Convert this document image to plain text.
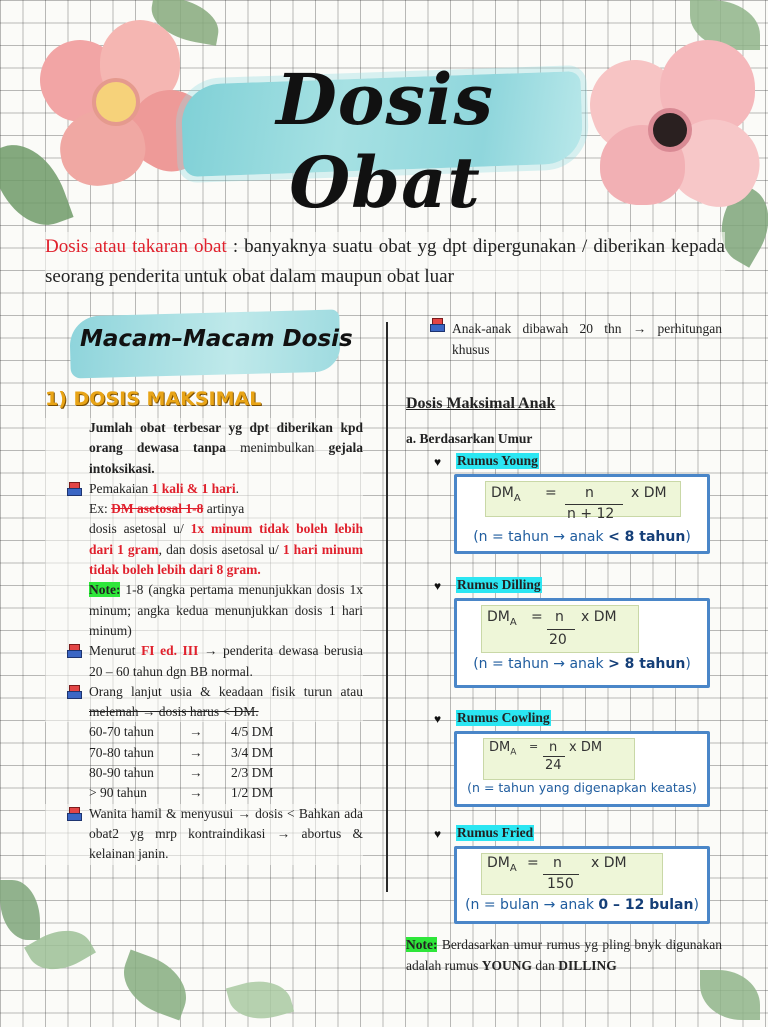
Dosis Obat
Dosis atau takaran obat : banyaknya suatu obat yg dpt dipergunakan / diberikan kepada seorang penderita untuk obat dalam maupun obat luar
Macam–Macam Dosis
1) DOSIS MAKSIMAL

Jumlah obat terbesar yg dpt diberikan kpd orang dewasa tanpa menimbulkan gejala intoksikasi.

Pemakaian 1 kali & 1 hari.

Ex: DM asetosal 1-8 artinya

dosis asetosal u/ 1x minum tidak boleh lebih dari 1 gram, dan dosis asetosal u/ 1 hari minum tidak boleh lebih dari 8 gram.

Note: 1-8 (angka pertama menunjukkan dosis 1x minum; angka kedua menunjukkan dosis 1 hari minum)

Menurut FI ed. III → penderita dewasa berusia 20 – 60 tahun dgn BB normal.

Orang lanjut usia & keadaan fisik turun atau melemah → dosis harus < DM.

60-70 tahun	→	4/5 DM
70-80 tahun	→	3/4 DM
80-90 tahun	→	2/3 DM
> 90 tahun	→	1/2 DM

Wanita hamil & menyusui → dosis < Bahkan ada obat2 yg mrp kontraindikasi → abortus & kelainan janin.

Anak-anak dibawah 20 thn → perhitungan khusus
Dosis Maksimal Anak
a. Berdasarkan Umur
♥ Rumus Young
$DM_A = n$
n + 12
x DM
(n = tahun → anak < 8 tahun)
♥ Rumus Dilling
$DM_A = n$
20
x DM
(n = tahun → anak > 8 tahun)
♥ Rumus Cowling
$DM_A = n$
24
x DM
(n = tahun yang digenapkan keatas)
♥ Rumus Fried
$DM_A = n$
150
x DM
(n = bulan → anak 0 – 12 bulan)
Note: Berdasarkan umur rumus yg pling bnyk digunakan adalah rumus YOUNG dan DILLING
